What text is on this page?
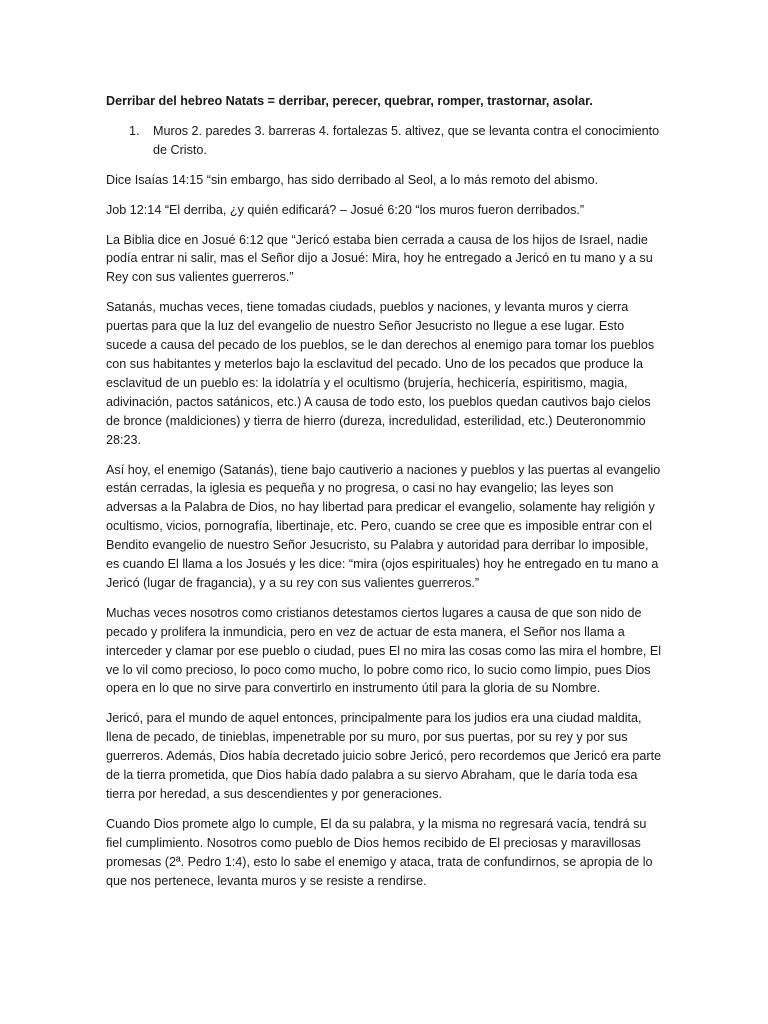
Derribar del hebreo Natats = derribar, perecer, quebrar, romper, trastornar, asolar.

1. Muros 2. paredes 3. barreras 4. fortalezas 5. altivez, que se levanta contra el conocimiento de Cristo.

Dice Isaías 14:15 “sin embargo, has sido derribado al Seol, a lo más remoto del abismo.

Job 12:14 “El derriba, ¿y quién edificará? – Josué 6:20 “los muros fueron derribados.”

La Biblia dice en Josué 6:12 que “Jericó estaba bien cerrada a causa de los hijos de Israel, nadie podía entrar ni salir, mas el Señor dijo a Josué: Mira, hoy he entregado a Jericó en tu mano y a su Rey con sus valientes guerreros.”

Satanás, muchas veces, tiene tomadas ciudads, pueblos y naciones, y levanta muros y cierra puertas para que la luz del evangelio de nuestro Señor Jesucristo no llegue a ese lugar. Esto sucede a causa del pecado de los pueblos, se le dan derechos al enemigo para tomar los pueblos con sus habitantes y meterlos bajo la esclavitud del pecado. Uno de los pecados que produce la esclavitud de un pueblo es: la idolatría y el ocultismo (brujería, hechicería, espiritismo, magia, adivinación, pactos satánicos, etc.) A causa de todo esto, los pueblos quedan cautivos bajo cielos de bronce (maldiciones) y tierra de hierro (dureza, incredulidad, esterilidad, etc.) Deuteronommio 28:23.

Así hoy, el enemigo (Satanás), tiene bajo cautiverio a naciones y pueblos y las puertas al evangelio están cerradas, la iglesia es pequeña y no progresa, o casi no hay evangelio; las leyes son adversas a la Palabra de Dios, no hay libertad para predicar el evangelio, solamente hay religión y ocultismo, vicios, pornografía, libertinaje, etc. Pero, cuando se cree que es imposible entrar con el Bendito evangelio de nuestro Señor Jesucristo, su Palabra y autoridad para derribar lo imposible, es cuando El llama a los Josués y les dice: “mira (ojos espirituales) hoy he entregado en tu mano a Jericó (lugar de fragancia), y a su rey con sus valientes guerreros.”

Muchas veces nosotros como cristianos detestamos ciertos lugares a causa de que son nido de pecado y prolifera la inmundicia, pero en vez de actuar de esta manera, el Señor nos llama a interceder y clamar por ese pueblo o ciudad, pues El no mira las cosas como las mira el hombre, El ve lo vil como precioso, lo poco como mucho, lo pobre como rico, lo sucio como limpio, pues Dios opera en lo que no sirve para convertirlo en instrumento útil para la gloria de su Nombre.

Jericó, para el mundo de aquel entonces, principalmente para los judios era una ciudad maldita, llena de pecado, de tinieblas, impenetrable por su muro, por sus puertas, por su rey y por sus guerreros. Además, Dios había decretado juicio sobre Jericó, pero recordemos que Jericó era parte de la tierra prometida, que Dios había dado palabra a su siervo Abraham, que le daría toda esa tierra por heredad, a sus descendientes y por generaciones.

Cuando Dios promete algo lo cumple, El da su palabra, y la misma no regresará vacía, tendrá su fiel cumplimiento. Nosotros como pueblo de Dios hemos recibido de El preciosas y maravillosas promesas (2ª. Pedro 1:4), esto lo sabe el enemigo y ataca, trata de confundirnos, se apropia de lo que nos pertenece, levanta muros y se resiste a rendirse.
